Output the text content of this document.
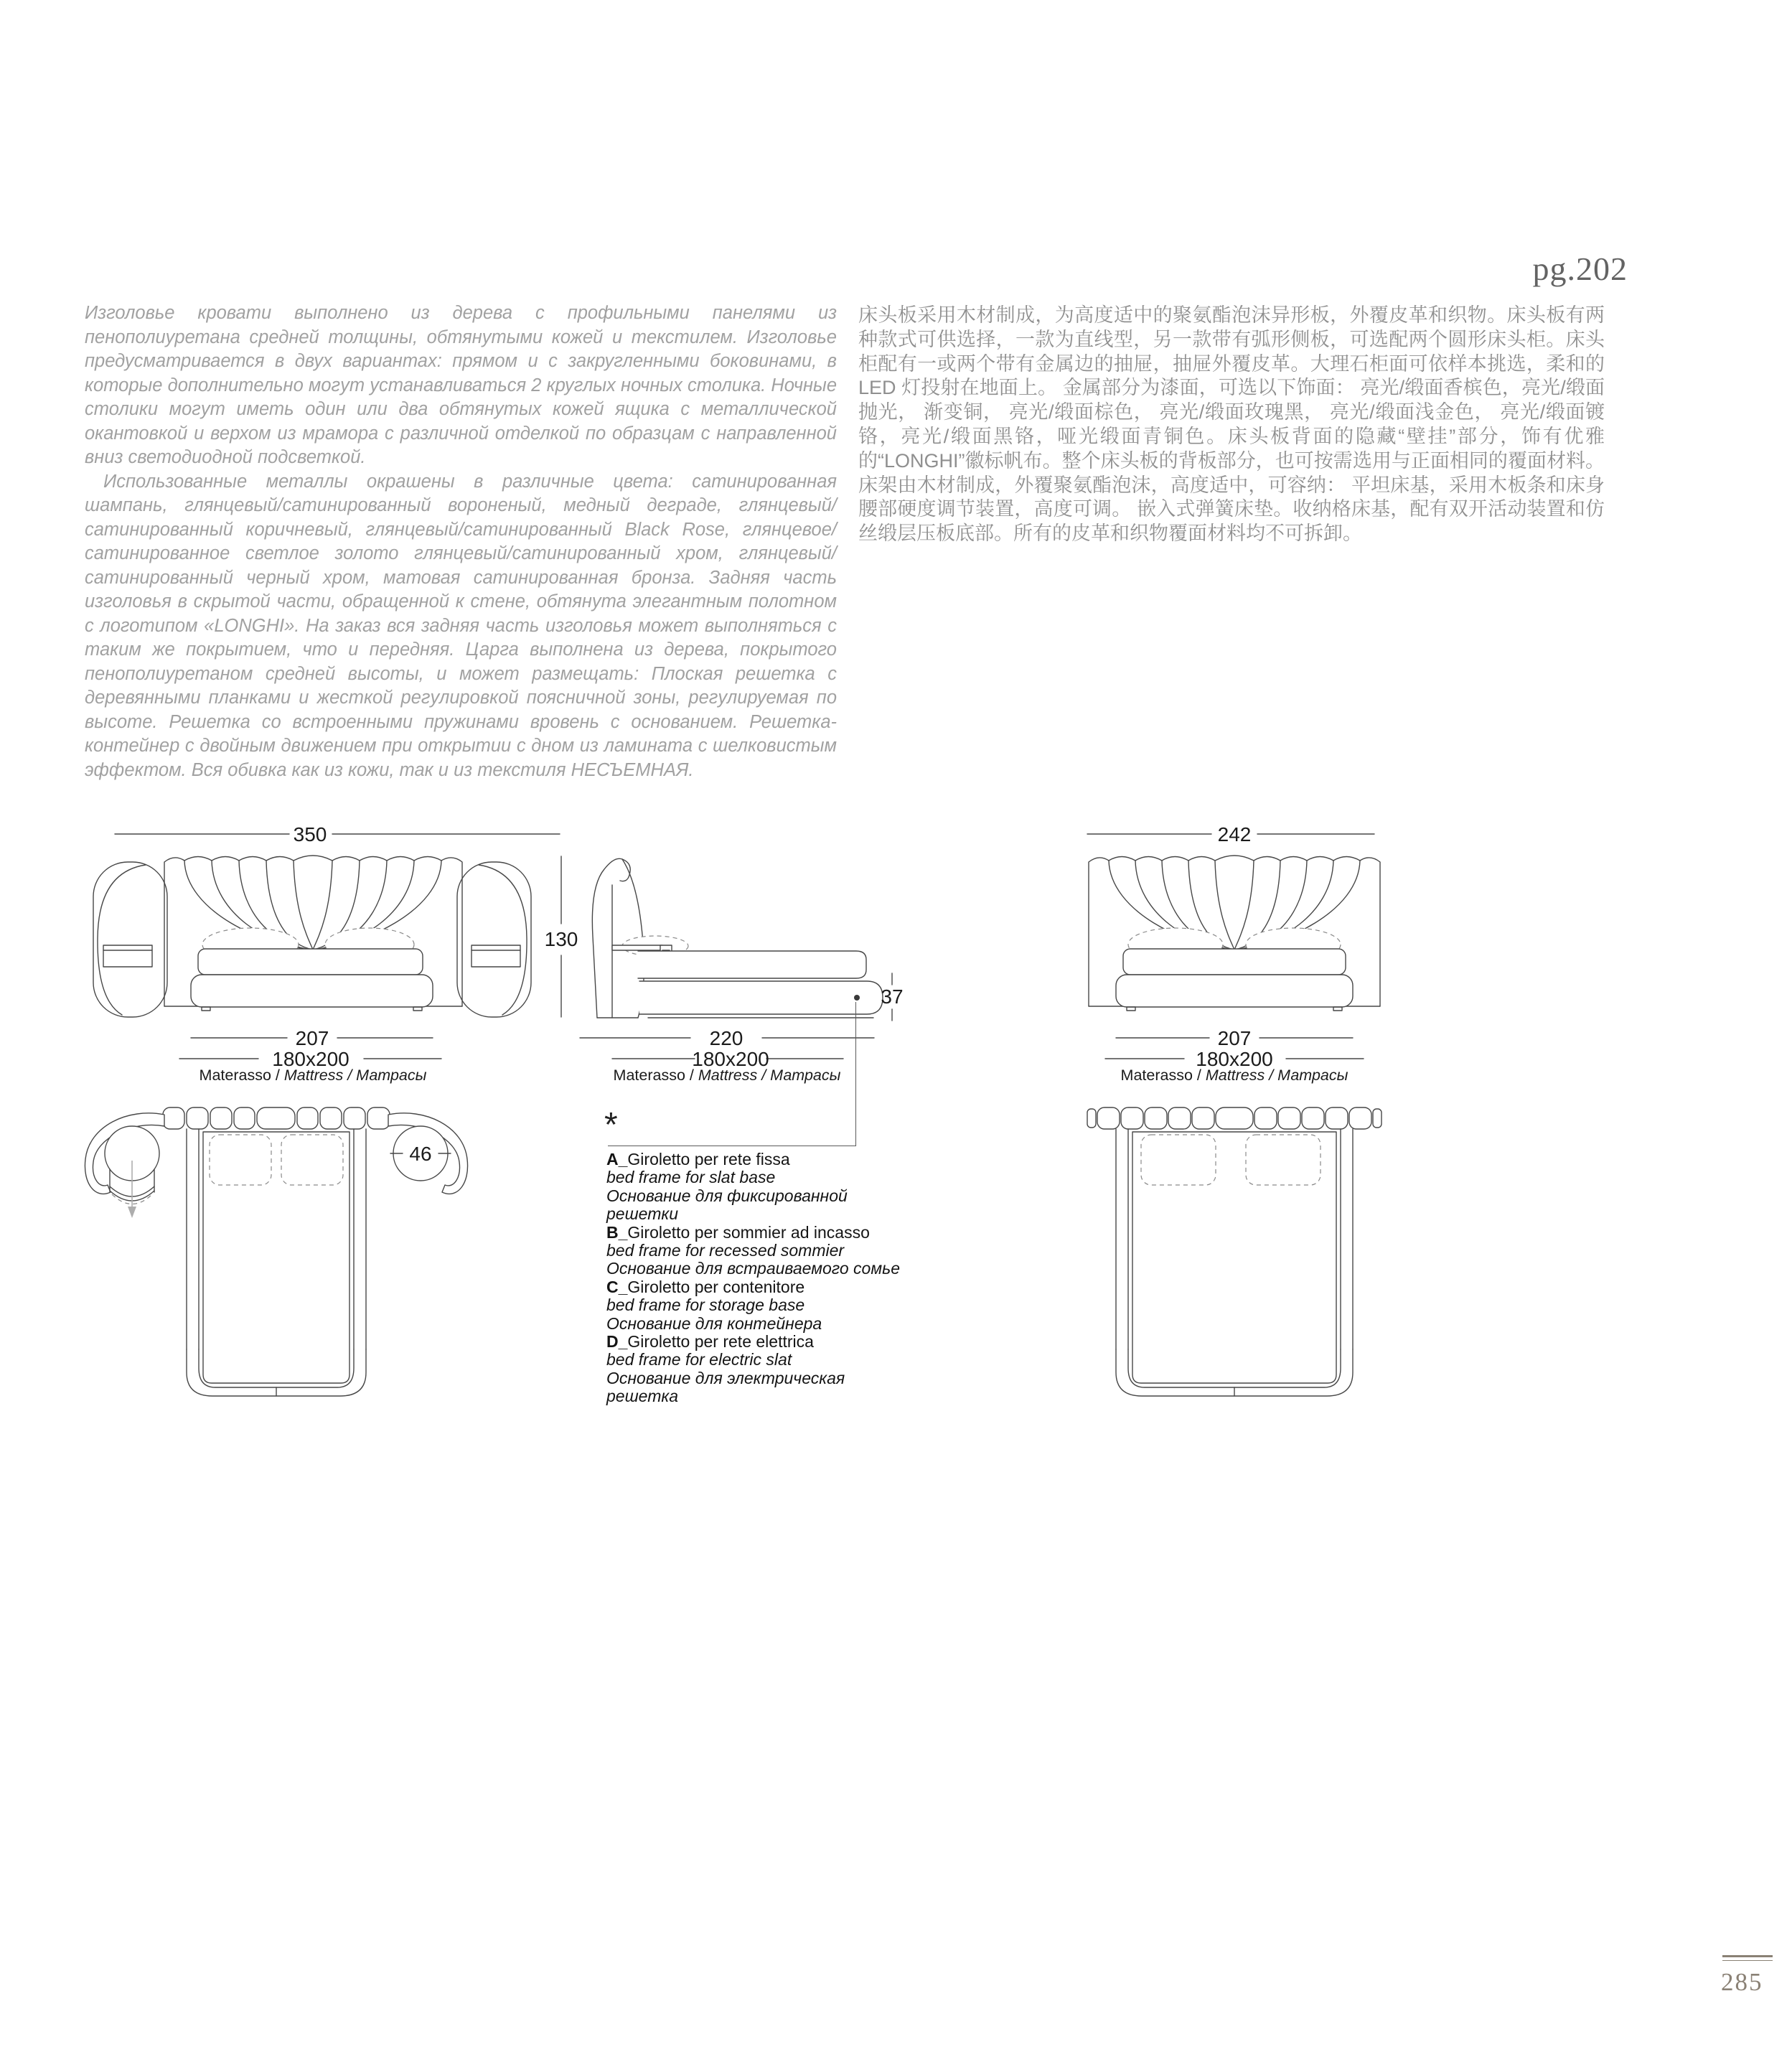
pg.202

Изголовье кровати выполнено из дерева с профильными панелями из пенополиуретана средней толщины, обтянутыми кожей и текстилем. Изголовье предусматривается в двух вариантах: прямом и с закругленными боковинами, в которые дополнительно могут устанавливаться 2 круглых ночных столика. Ночные столики могут иметь один или два обтянутых кожей ящика с металлической окантовкой и верхом из мрамора с различной отделкой по образцам с направленной вниз светодиодной подсветкой.

Использованные металлы окрашены в различные цвета: сатинированная шампань, глянцевый/сатинированный вороненый, медный деграде, глянцевый/сатинированный коричневый, глянцевый/сатинированный Black Rose, глянцевое/сатинированное светлое золото глянцевый/сатинированный хром, глянцевый/сатинированный черный хром, матовая сатинированная бронза. Задняя часть изголовья в скрытой части, обращенной к стене, обтянута элегантным полотном с логотипом «LONGHI». На заказ вся задняя часть изголовья может выполняться с таким же покрытием, что и передняя. Царга выполнена из дерева, покрытого пенополиуретаном средней высоты, и может размещать: Плоская решетка с деревянными планками и жесткой регулировкой поясничной зоны, регулируемая по высоте. Решетка со встроенными пружинами вровень с основанием. Решетка-контейнер с двойным движением при открытии с дном из ламината с шелковистым эффектом. Вся обивка как из кожи, так и из текстиля НЕСЪЕМНАЯ.

床头板采用木材制成，为高度适中的聚氨酯泡沫异形板，外覆皮革和织物。床头板有两种款式可供选择，一款为直线型，另一款带有弧形侧板，可选配两个圆形床头柜。床头柜配有一或两个带有金属边的抽屉，抽屉外覆皮革。大理石柜面可依样本挑选，柔和的 LED 灯投射在地面上。 金属部分为漆面，可选以下饰面： 亮光/缎面香槟色，亮光/缎面抛光， 渐变铜， 亮光/缎面棕色， 亮光/缎面玫瑰黑， 亮光/缎面浅金色， 亮光/缎面镀铬，亮光/缎面黑铬，哑光缎面青铜色。床头板背面的隐藏“壁挂”部分，饰有优雅的“LONGHI”徽标帆布。整个床头板的背板部分，也可按需选用与正面相同的覆面材料。床架由木材制成，外覆聚氨酯泡沫，高度适中，可容纳： 平坦床基，采用木板条和床身腰部硬度调节装置，高度可调。 嵌入式弹簧床垫。收纳格床基，配有双开活动装置和仿丝缎层压板底部。所有的皮革和织物覆面材料均不可拆卸。

350
130
207
180x200
37
220
180x200
242
207
180x200
Materasso / Mattress / Матрасы	Materasso / Mattress / Матрасы	Materasso / Mattress / Матрасы
46
*
A_Giroletto per rete fissa
bed frame for slat base
Основание для фиксированной решетки
B_Giroletto per sommier ad incasso
bed frame for recessed sommier
Основание для встраиваемого сомье
C_Giroletto per contenitore
bed frame for storage base
Основание для контейнера
D_Giroletto per rete elettrica
bed frame for electric slat
Основание для электрическая решетка
285
